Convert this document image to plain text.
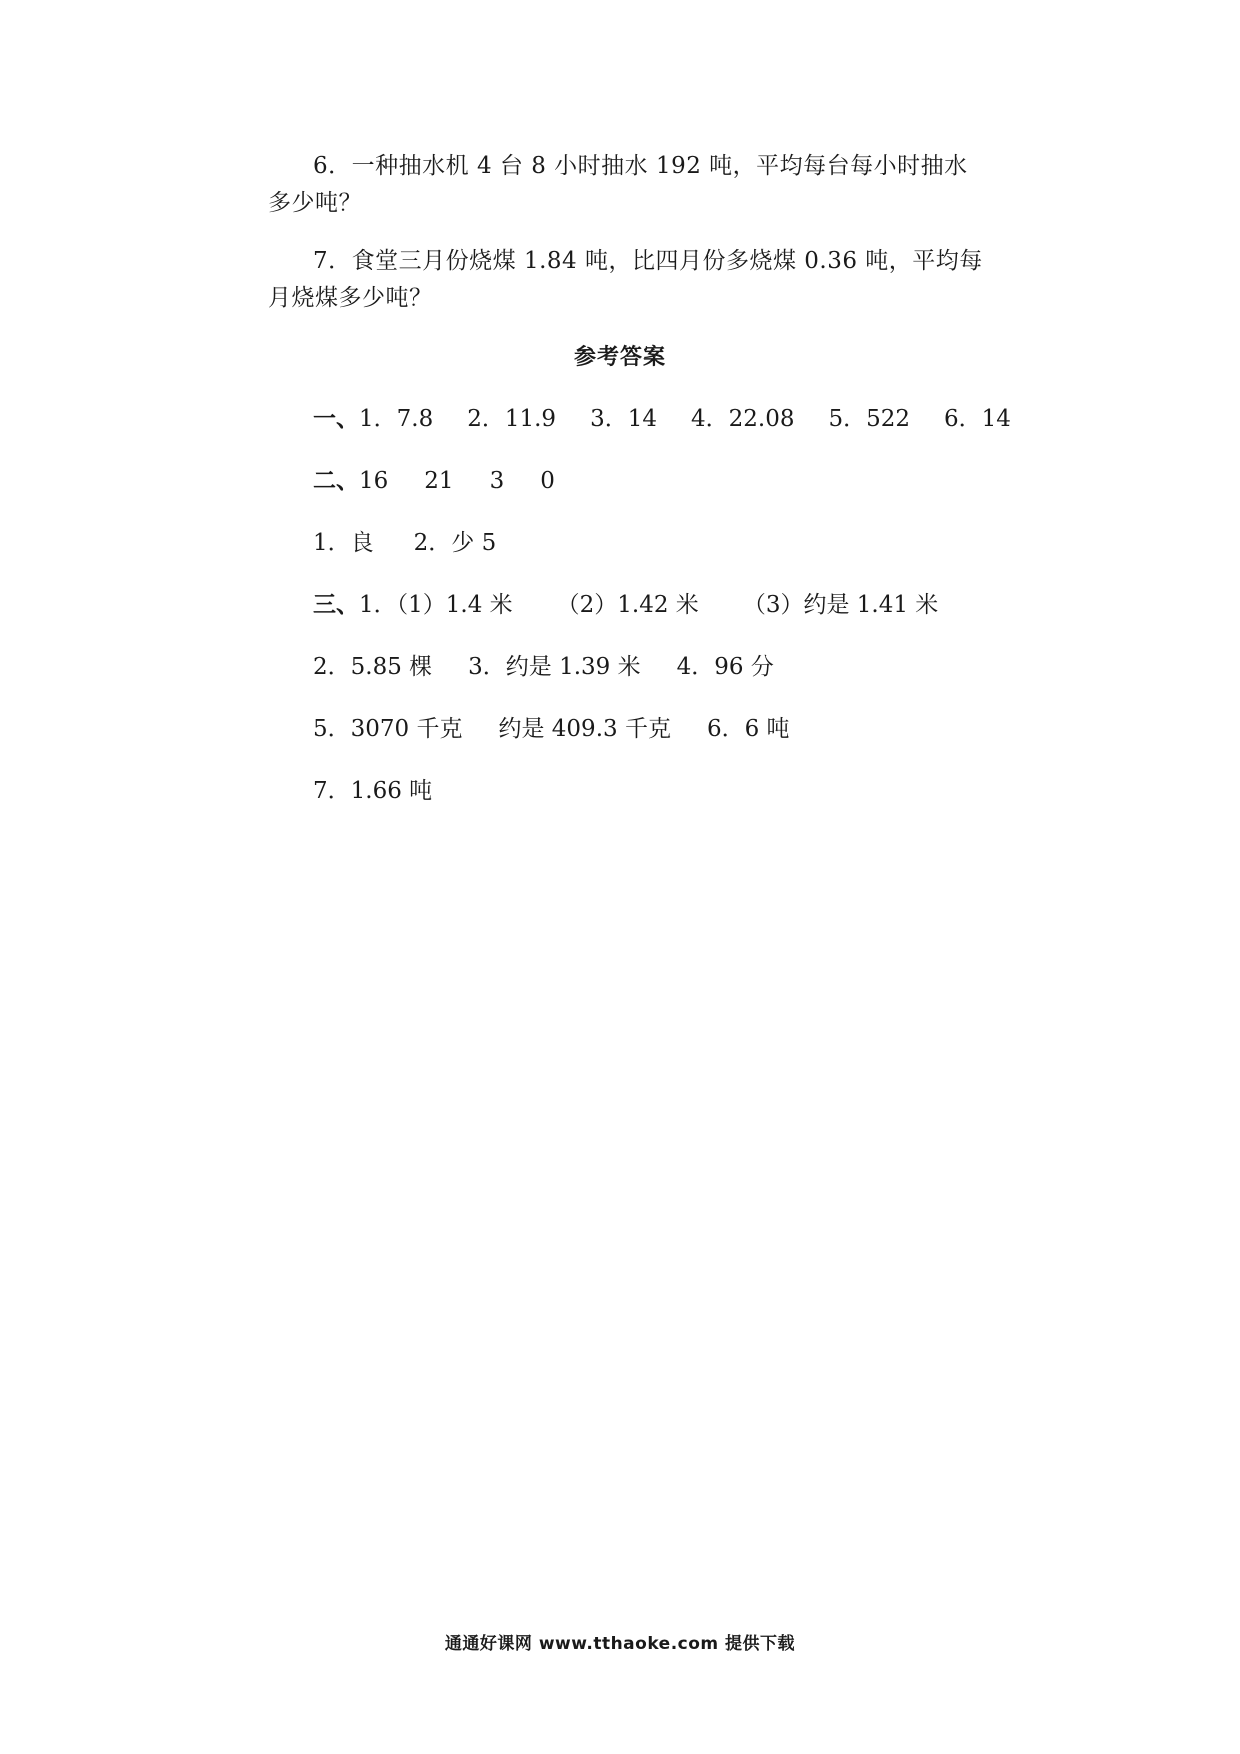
6．一种抽水机 4 台 8 小时抽水 192 吨，平均每台每小时抽水多少吨？

7．食堂三月份烧煤 1.84 吨，比四月份多烧煤 0.36 吨，平均每月烧煤多少吨？

参考答案

一、1．7.8 2．11.9 3．14 4．22.08 5．522 6．14

二、16 21 3 0

1．良 2．少 5

三、1．（1）1.4 米 （2）1.42 米 （3）约是 1.41 米

2．5.85 棵 3．约是 1.39 米 4．96 分

5．3070 千克 约是 409.3 千克 6．6 吨

7．1.66 吨

通通好课网 www.tthaoke.com 提供下载
